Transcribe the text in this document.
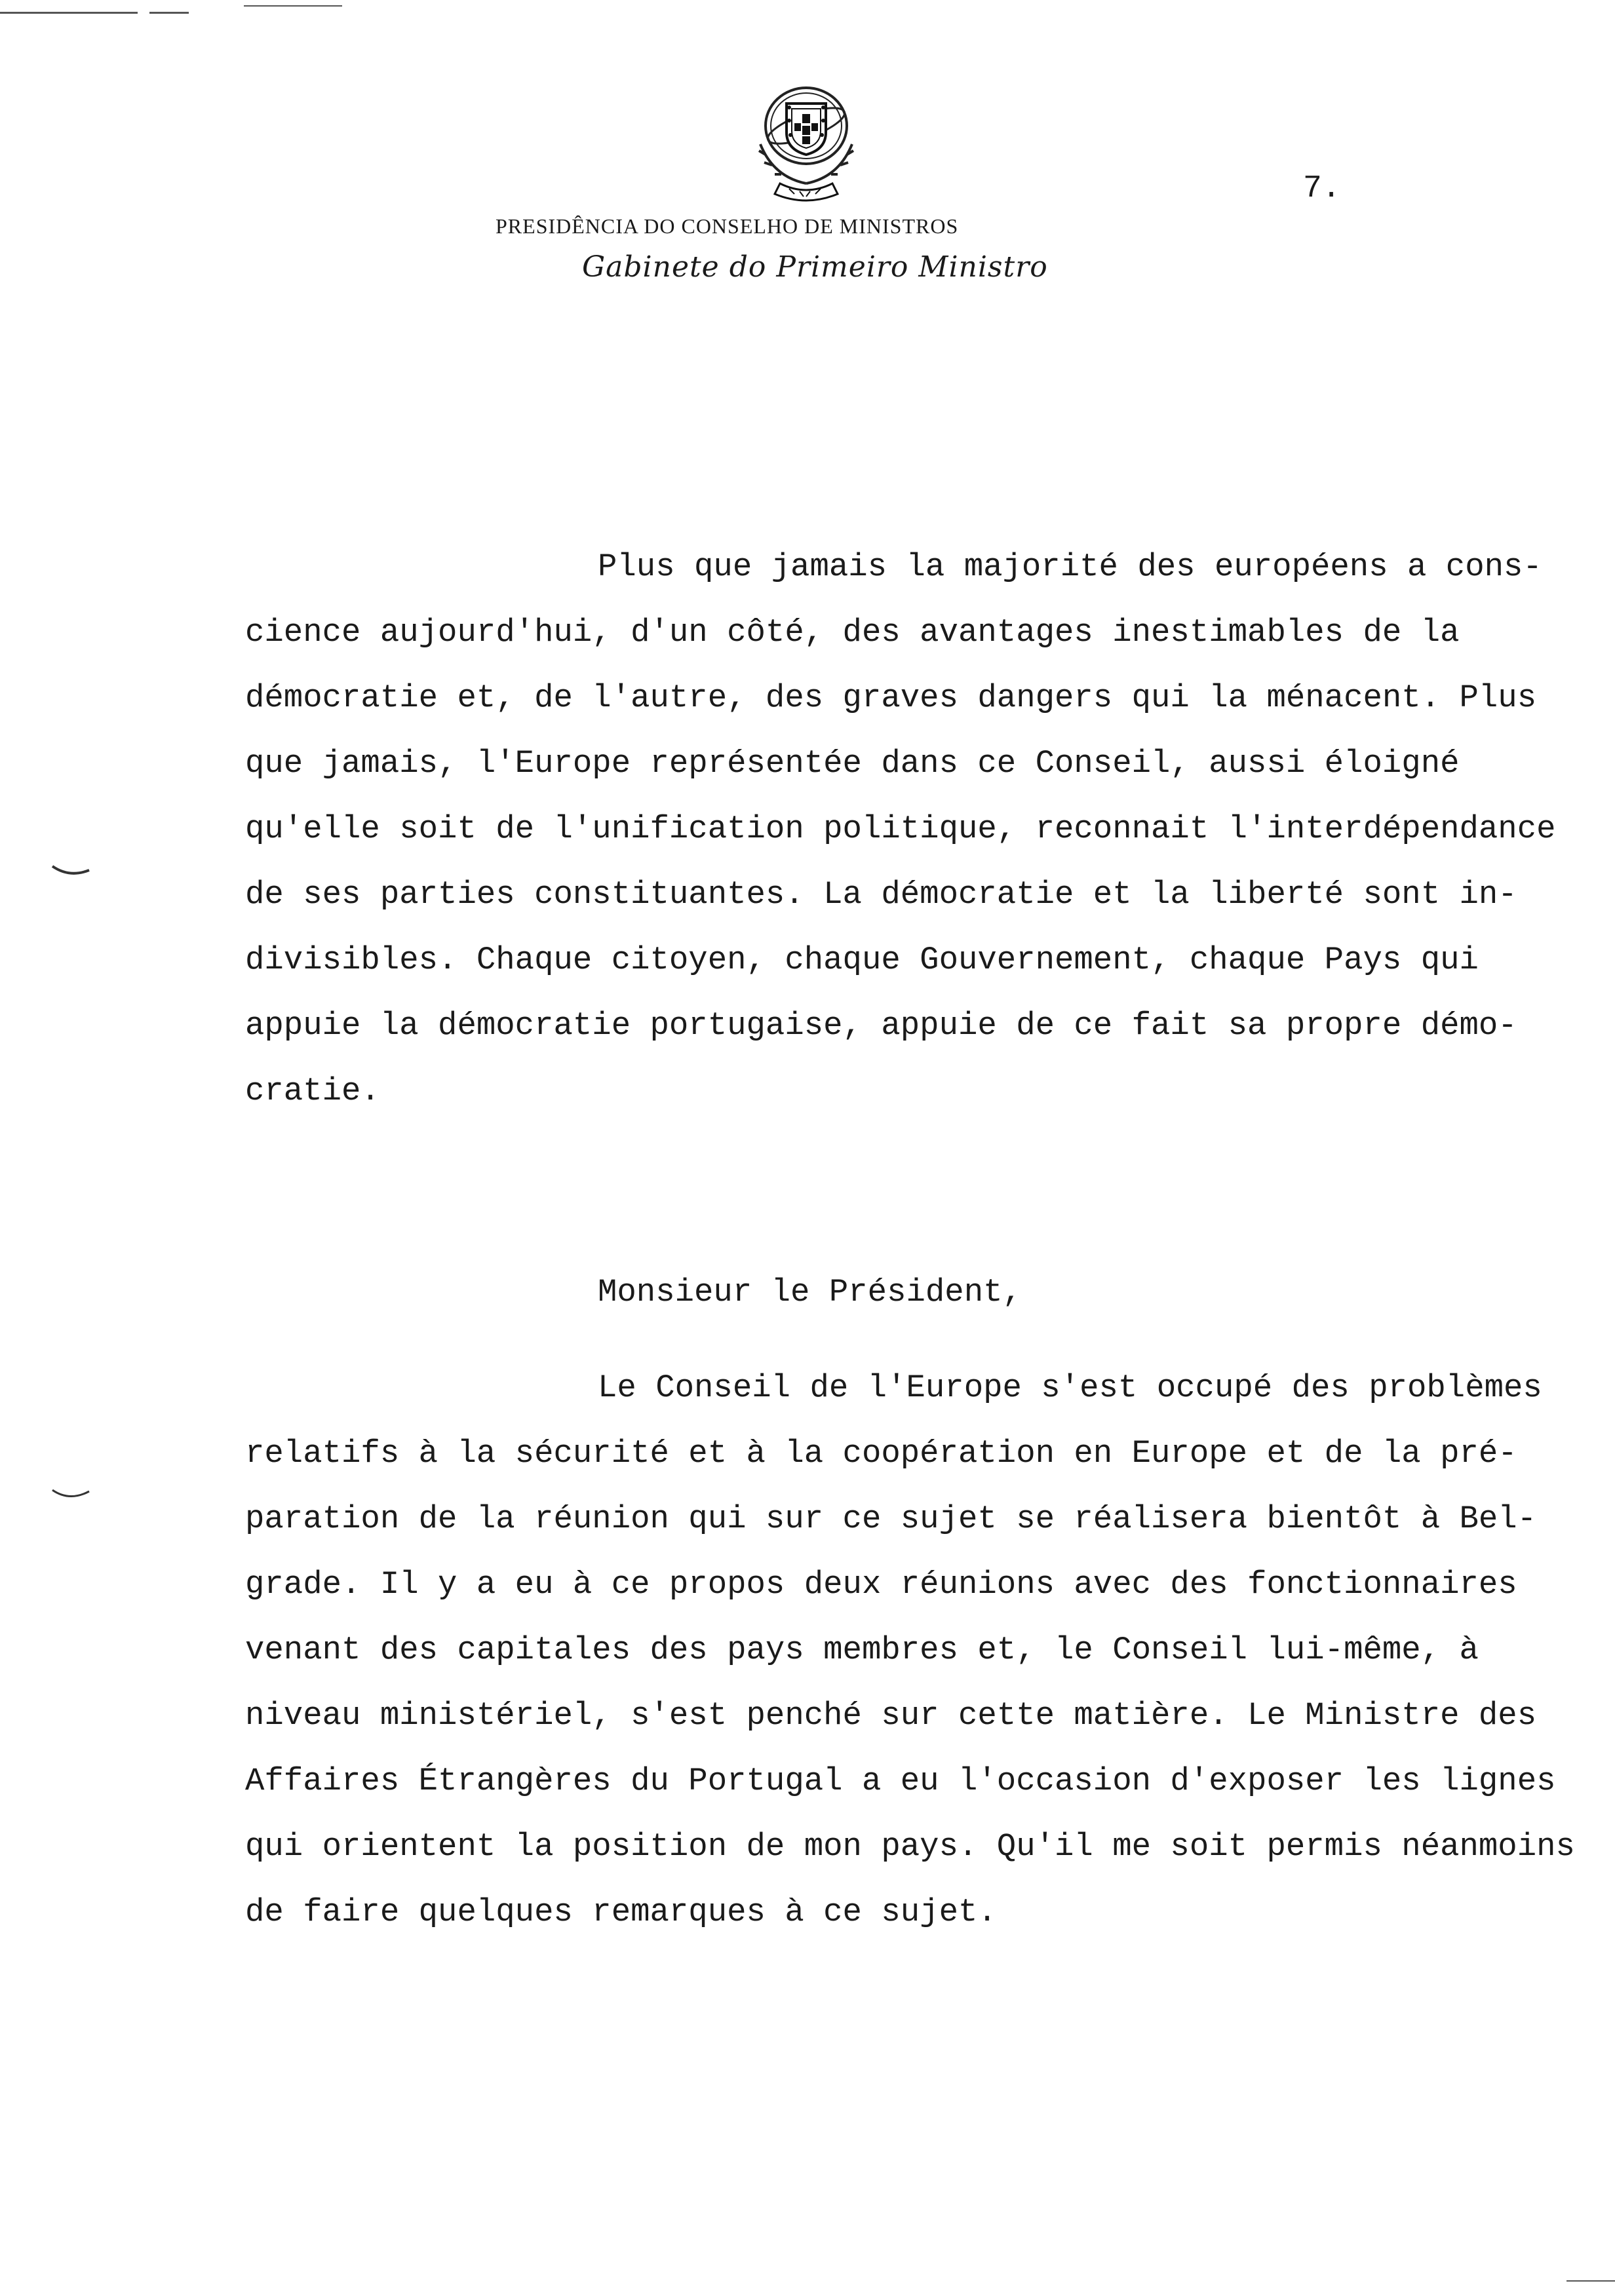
7.

PRESIDÊNCIA DO CONSELHO DE MINISTROS

Gabinete do Primeiro Ministro

Plus que jamais la majorité des européens a cons-
cience aujourd'hui, d'un côté, des avantages inestimables de la
démocratie et, de l'autre, des graves dangers qui la ménacent. Plus
que jamais, l'Europe représentée dans ce Conseil, aussi éloigné
qu'elle soit de l'unification politique, reconnait l'interdépendance
de ses parties constituantes. La démocratie et la liberté sont in-
divisibles. Chaque citoyen, chaque Gouvernement, chaque Pays qui
appuie la démocratie portugaise, appuie de ce fait sa propre démo-
cratie.

Monsieur le Président,

Le Conseil de l'Europe s'est occupé des problèmes
relatifs à la sécurité et à la coopération en Europe et de la pré-
paration de la réunion qui sur ce sujet se réalisera bientôt à Bel-
grade. Il y a eu à ce propos deux réunions avec des fonctionnaires
venant des capitales des pays membres et, le Conseil lui-même, à
niveau ministériel, s'est penché sur cette matière. Le Ministre des
Affaires Étrangères du Portugal a eu l'occasion d'exposer les lignes
qui orientent la position de mon pays. Qu'il me soit permis néanmoins
de faire quelques remarques à ce sujet.
